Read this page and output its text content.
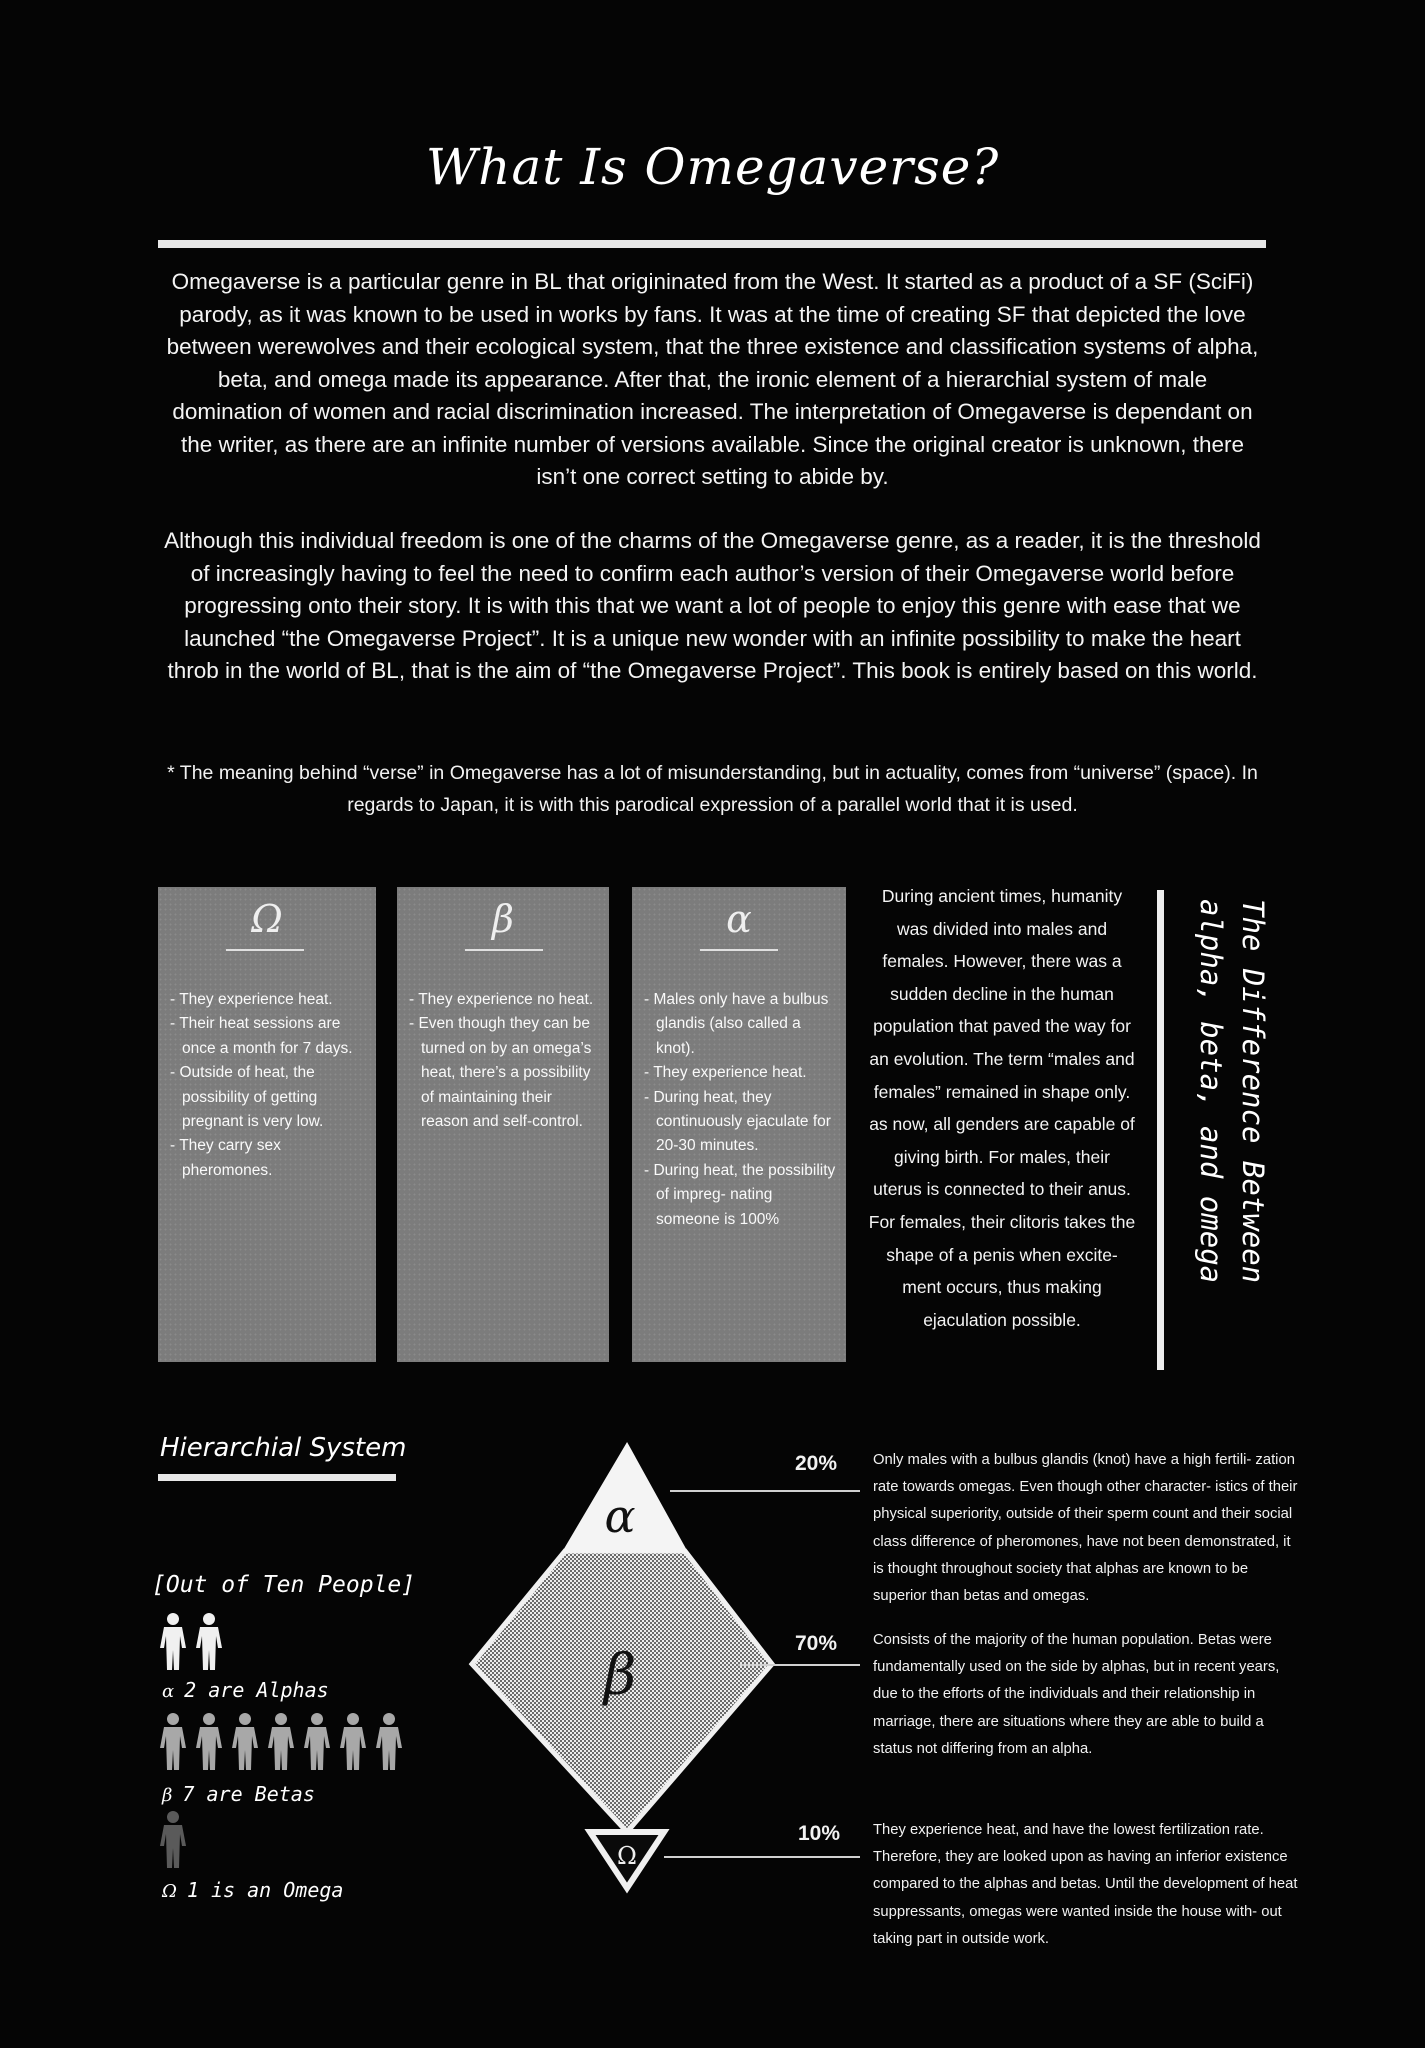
What Is Omegaverse?
Omegaverse is a particular genre in BL that origininated from the West. It started as a product of a SF (SciFi) parody, as it was known to be used in works by fans. It was at the time of creating SF that depicted the love between werewolves and their ecological system, that the three existence and classification systems of alpha, beta, and omega made its appearance. After that, the ironic element of a hierarchial system of male domination of women and racial discrimination increased. The interpretation of Omegaverse is dependant on the writer, as there are an infinite number of versions available. Since the original creator is unknown, there isn’t one correct setting to abide by.
Although this individual freedom is one of the charms of the Omegaverse genre, as a reader, it is the threshold of increasingly having to feel the need to confirm each author’s version of their Omegaverse world before progressing onto their story. It is with this that we want a lot of people to enjoy this genre with ease that we launched “the Omegaverse Project”. It is a unique new wonder with an infinite possibility to make the heart throb in the world of BL, that is the aim of “the Omegaverse Project”. This book is entirely based on this world.
* The meaning behind “verse” in Omegaverse has a lot of misunderstanding, but in actuality, comes from “universe” (space). In regards to Japan, it is with this parodical expression of a parallel world that it is used.
Ω
- They experience heat.
- Their heat sessions are once a month for 7 days.
- Outside of heat, the possibility of getting pregnant is very low.
- They carry sex pheromones.
β
- They experience no heat.
- Even though they can be turned on by an omega’s heat, there’s a possibility of maintaining their reason and self-control.
α
- Males only have a bulbus glandis (also called a knot).
- They experience heat.
- During heat, they continuously ejaculate for 20-30 minutes.
- During heat, the possibility of impreg- nating someone is 100%
During ancient times, humanity was divided into males and females. However, there was a sudden decline in the human population that paved the way for an evolution. The term “males and females” remained in shape only. as now, all genders are capable of giving birth. For males, their uterus is connected to their anus. For females, their clitoris takes the shape of a penis when excite- ment occurs, thus making ejaculation possible.
The Difference Between
alpha, beta, and omega
Hierarchial System
[Out of Ten People]
α 2 are Alphas
β 7 are Betas
Ω 1 is an Omega
α
β
Ω
20%
70%
10%
Only males with a bulbus glandis (knot) have a high fertili- zation rate towards omegas. Even though other character- istics of their physical superiority, outside of their sperm count and their social class difference of pheromones, have not been demonstrated, it is thought throughout society that alphas are known to be superior than betas and omegas.
Consists of the majority of the human population. Betas were fundamentally used on the side by alphas, but in recent years, due to the efforts of the individuals and their relationship in marriage, there are situations where they are able to build a status not differing from an alpha.
They experience heat, and have the lowest fertilization rate. Therefore, they are looked upon as having an inferior existence compared to the alphas and betas. Until the development of heat suppressants, omegas were wanted inside the house with- out taking part in outside work.
